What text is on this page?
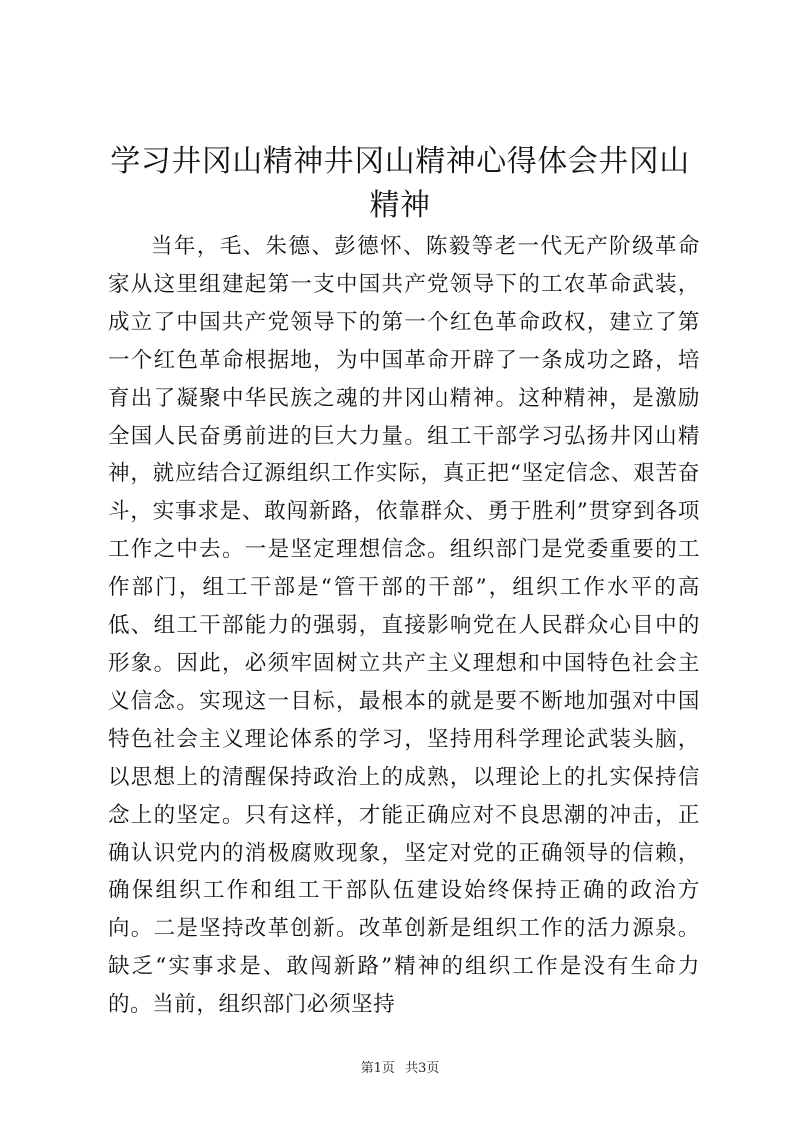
学习井冈山精神井冈山精神心得体会井冈山精神

当年，毛、朱德、彭德怀、陈毅等老一代无产阶级革命家从这里组建起第一支中国共产党领导下的工农革命武装，成立了中国共产党领导下的第一个红色革命政权，建立了第一个红色革命根据地，为中国革命开辟了一条成功之路，培育出了凝聚中华民族之魂的井冈山精神。这种精神，是激励全国人民奋勇前进的巨大力量。组工干部学习弘扬井冈山精神，就应结合辽源组织工作实际，真正把“坚定信念、艰苦奋斗，实事求是、敢闯新路，依靠群众、勇于胜利”贯穿到各项工作之中去。一是坚定理想信念。组织部门是党委重要的工作部门，组工干部是“管干部的干部”，组织工作水平的高低、组工干部能力的强弱，直接影响党在人民群众心目中的形象。因此，必须牢固树立共产主义理想和中国特色社会主义信念。实现这一目标，最根本的就是要不断地加强对中国特色社会主义理论体系的学习，坚持用科学理论武装头脑，以思想上的清醒保持政治上的成熟，以理论上的扎实保持信念上的坚定。只有这样，才能正确应对不良思潮的冲击，正确认识党内的消极腐败现象，坚定对党的正确领导的信赖，确保组织工作和组工干部队伍建设始终保持正确的政治方向。二是坚持改革创新。改革创新是组织工作的活力源泉。缺乏“实事求是、敢闯新路”精神的组织工作是没有生命力的。当前，组织部门必须坚持

第1页 共3页
